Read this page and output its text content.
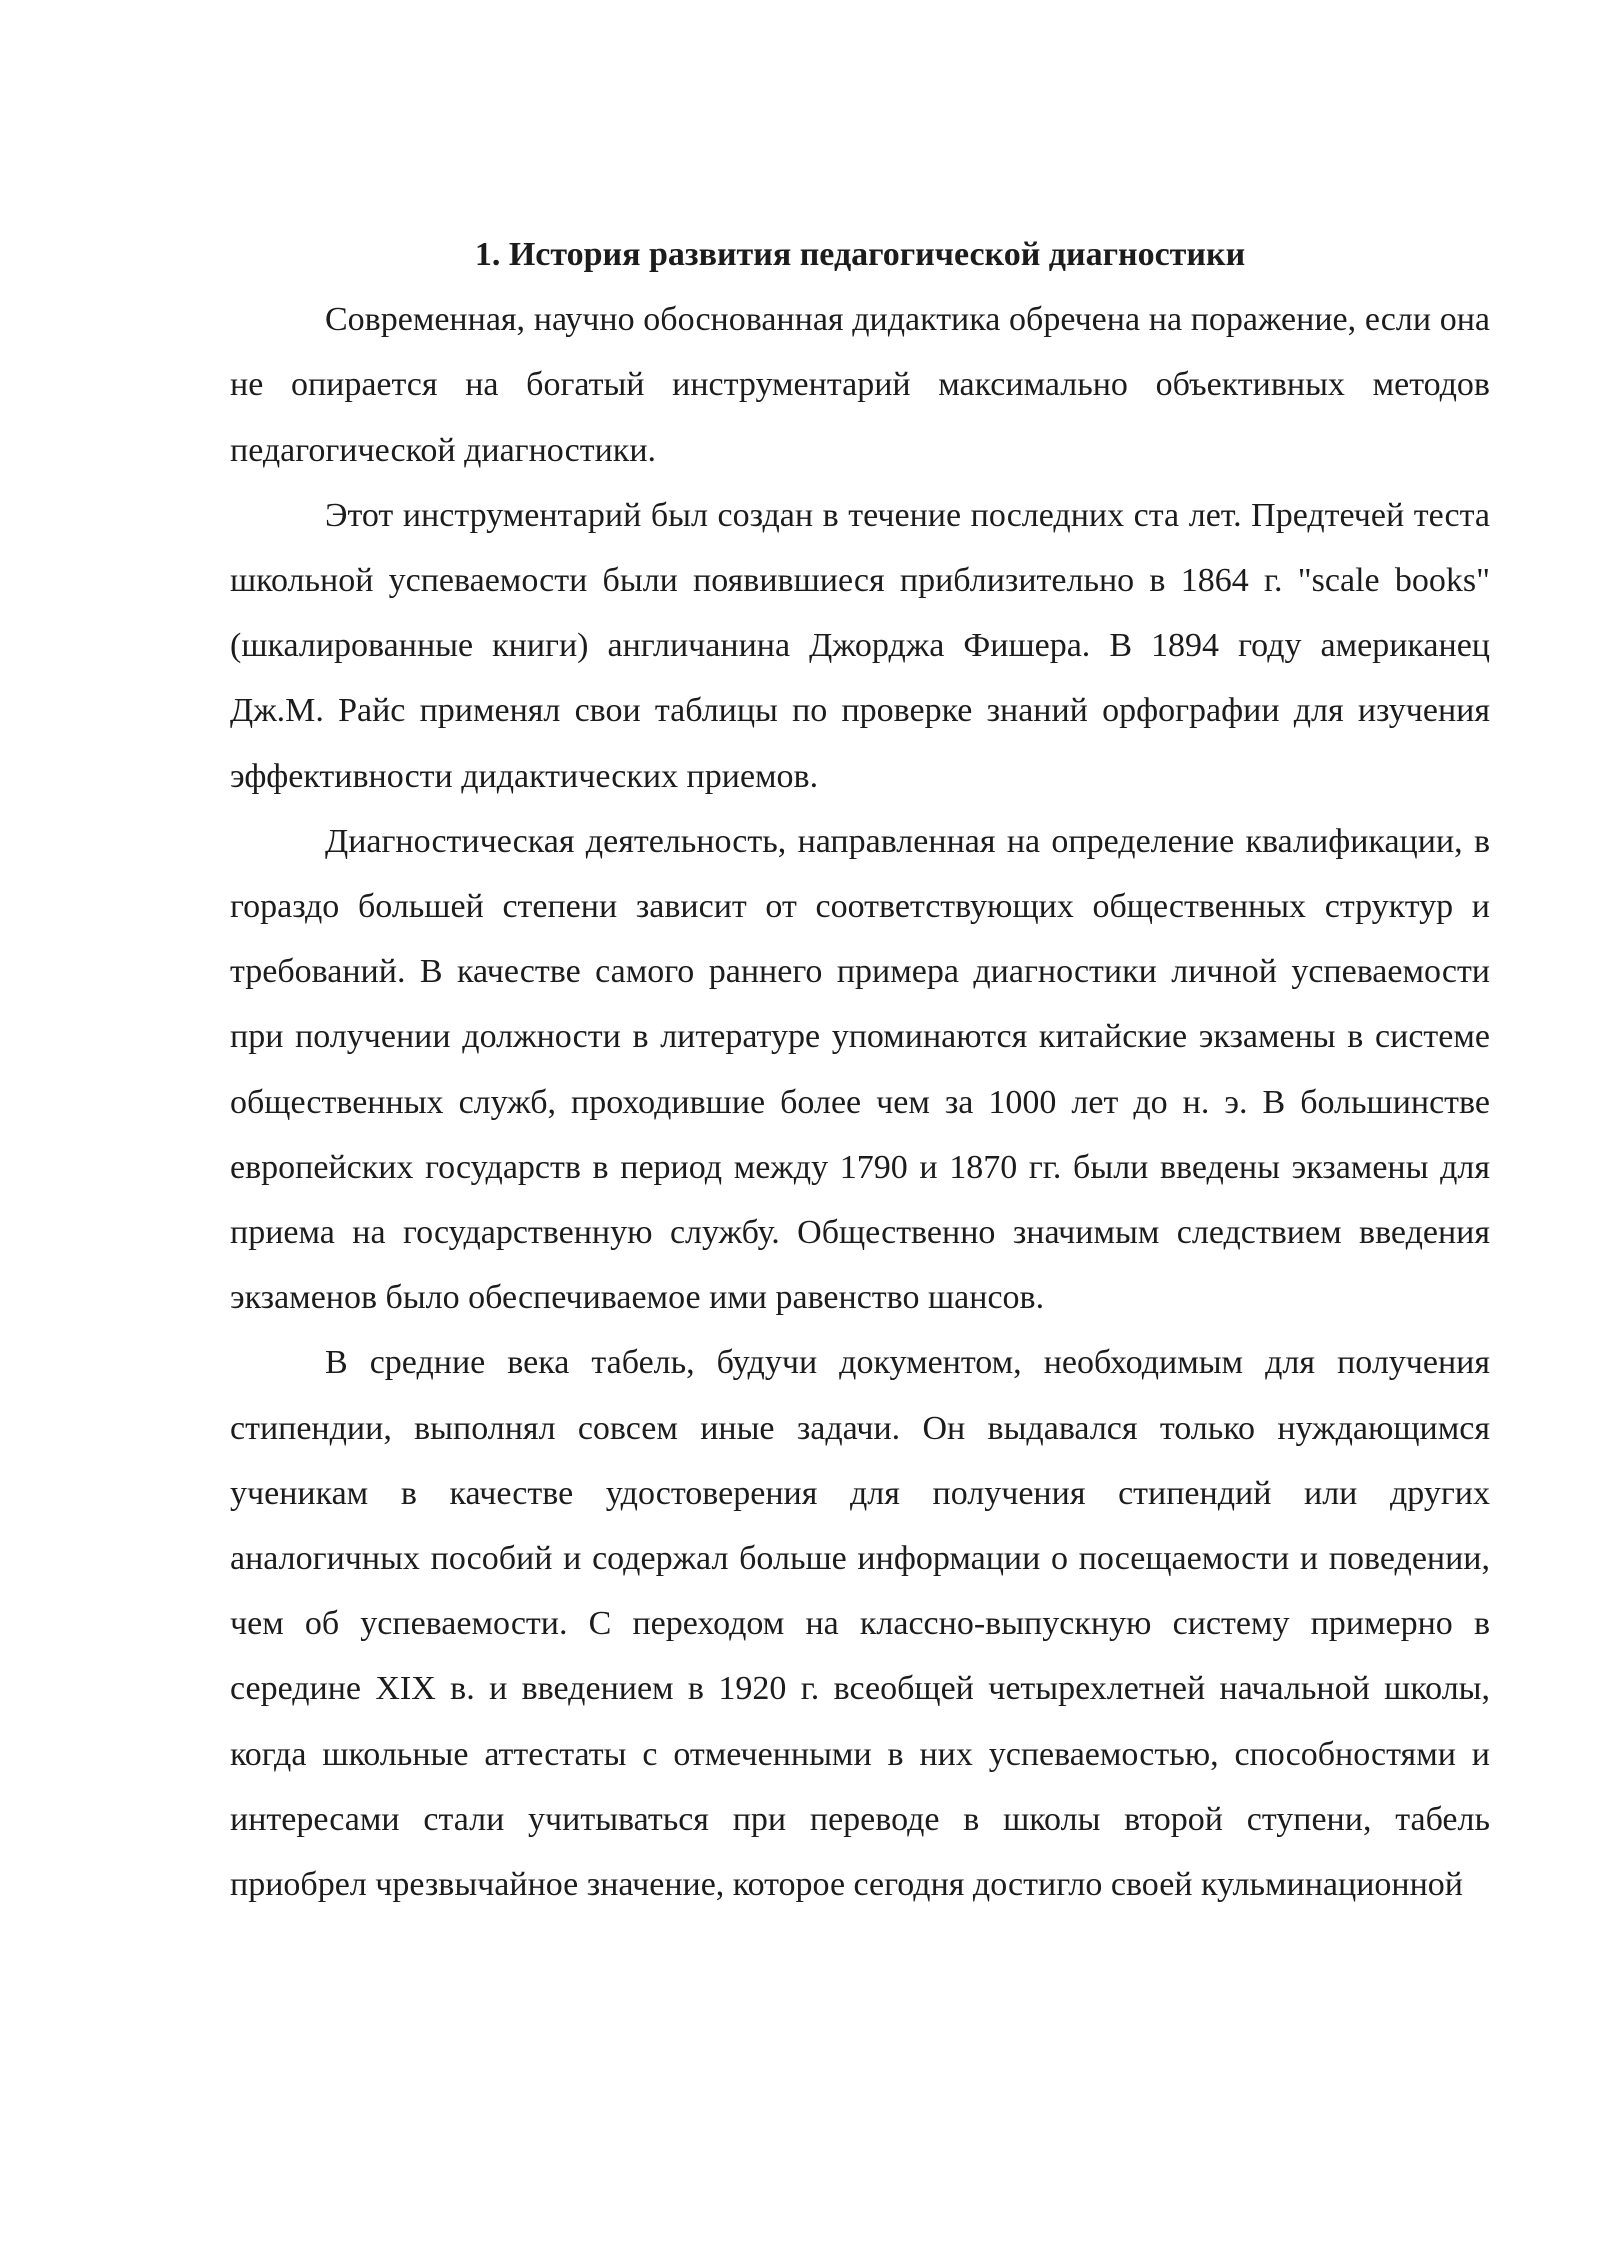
1. История развития педагогической диагностики

Современная, научно обоснованная дидактика обречена на поражение, если она не опирается на богатый инструментарий максимально объективных методов педагогической диагностики.

Этот инструментарий был создан в течение последних ста лет. Предтечей теста школьной успеваемости были появившиеся приблизительно в 1864 г. "scale books" (шкалированные книги) англичанина Джорджа Фишера. В 1894 году американец Дж.М. Райс применял свои таблицы по проверке знаний орфографии для изучения эффективности дидактических приемов.

Диагностическая деятельность, направленная на определение квалификации, в гораздо большей степени зависит от соответствующих общественных структур и требований. В качестве самого раннего примера диагностики личной успеваемости при получении должности в литературе упоминаются китайские экзамены в системе общественных служб, проходившие более чем за 1000 лет до н. э. В большинстве европейских государств в период между 1790 и 1870 гг. были введены экзамены для приема на государственную службу. Общественно значимым следствием введения экзаменов было обеспечиваемое ими равенство шансов.

В средние века табель, будучи документом, необходимым для получения стипендии, выполнял совсем иные задачи. Он выдавался только нуждающимся ученикам в качестве удостоверения для получения стипендий или других аналогичных пособий и содержал больше информации о посещаемости и поведении, чем об успеваемости. С переходом на классно-выпускную систему примерно в середине XIX в. и введением в 1920 г. всеобщей четырехлетней начальной школы, когда школьные аттестаты с отмеченными в них успеваемостью, способностями и интересами стали учитываться при переводе в школы второй ступени, табель приобрел чрезвычайное значение, которое сегодня достигло своей кульминационной
